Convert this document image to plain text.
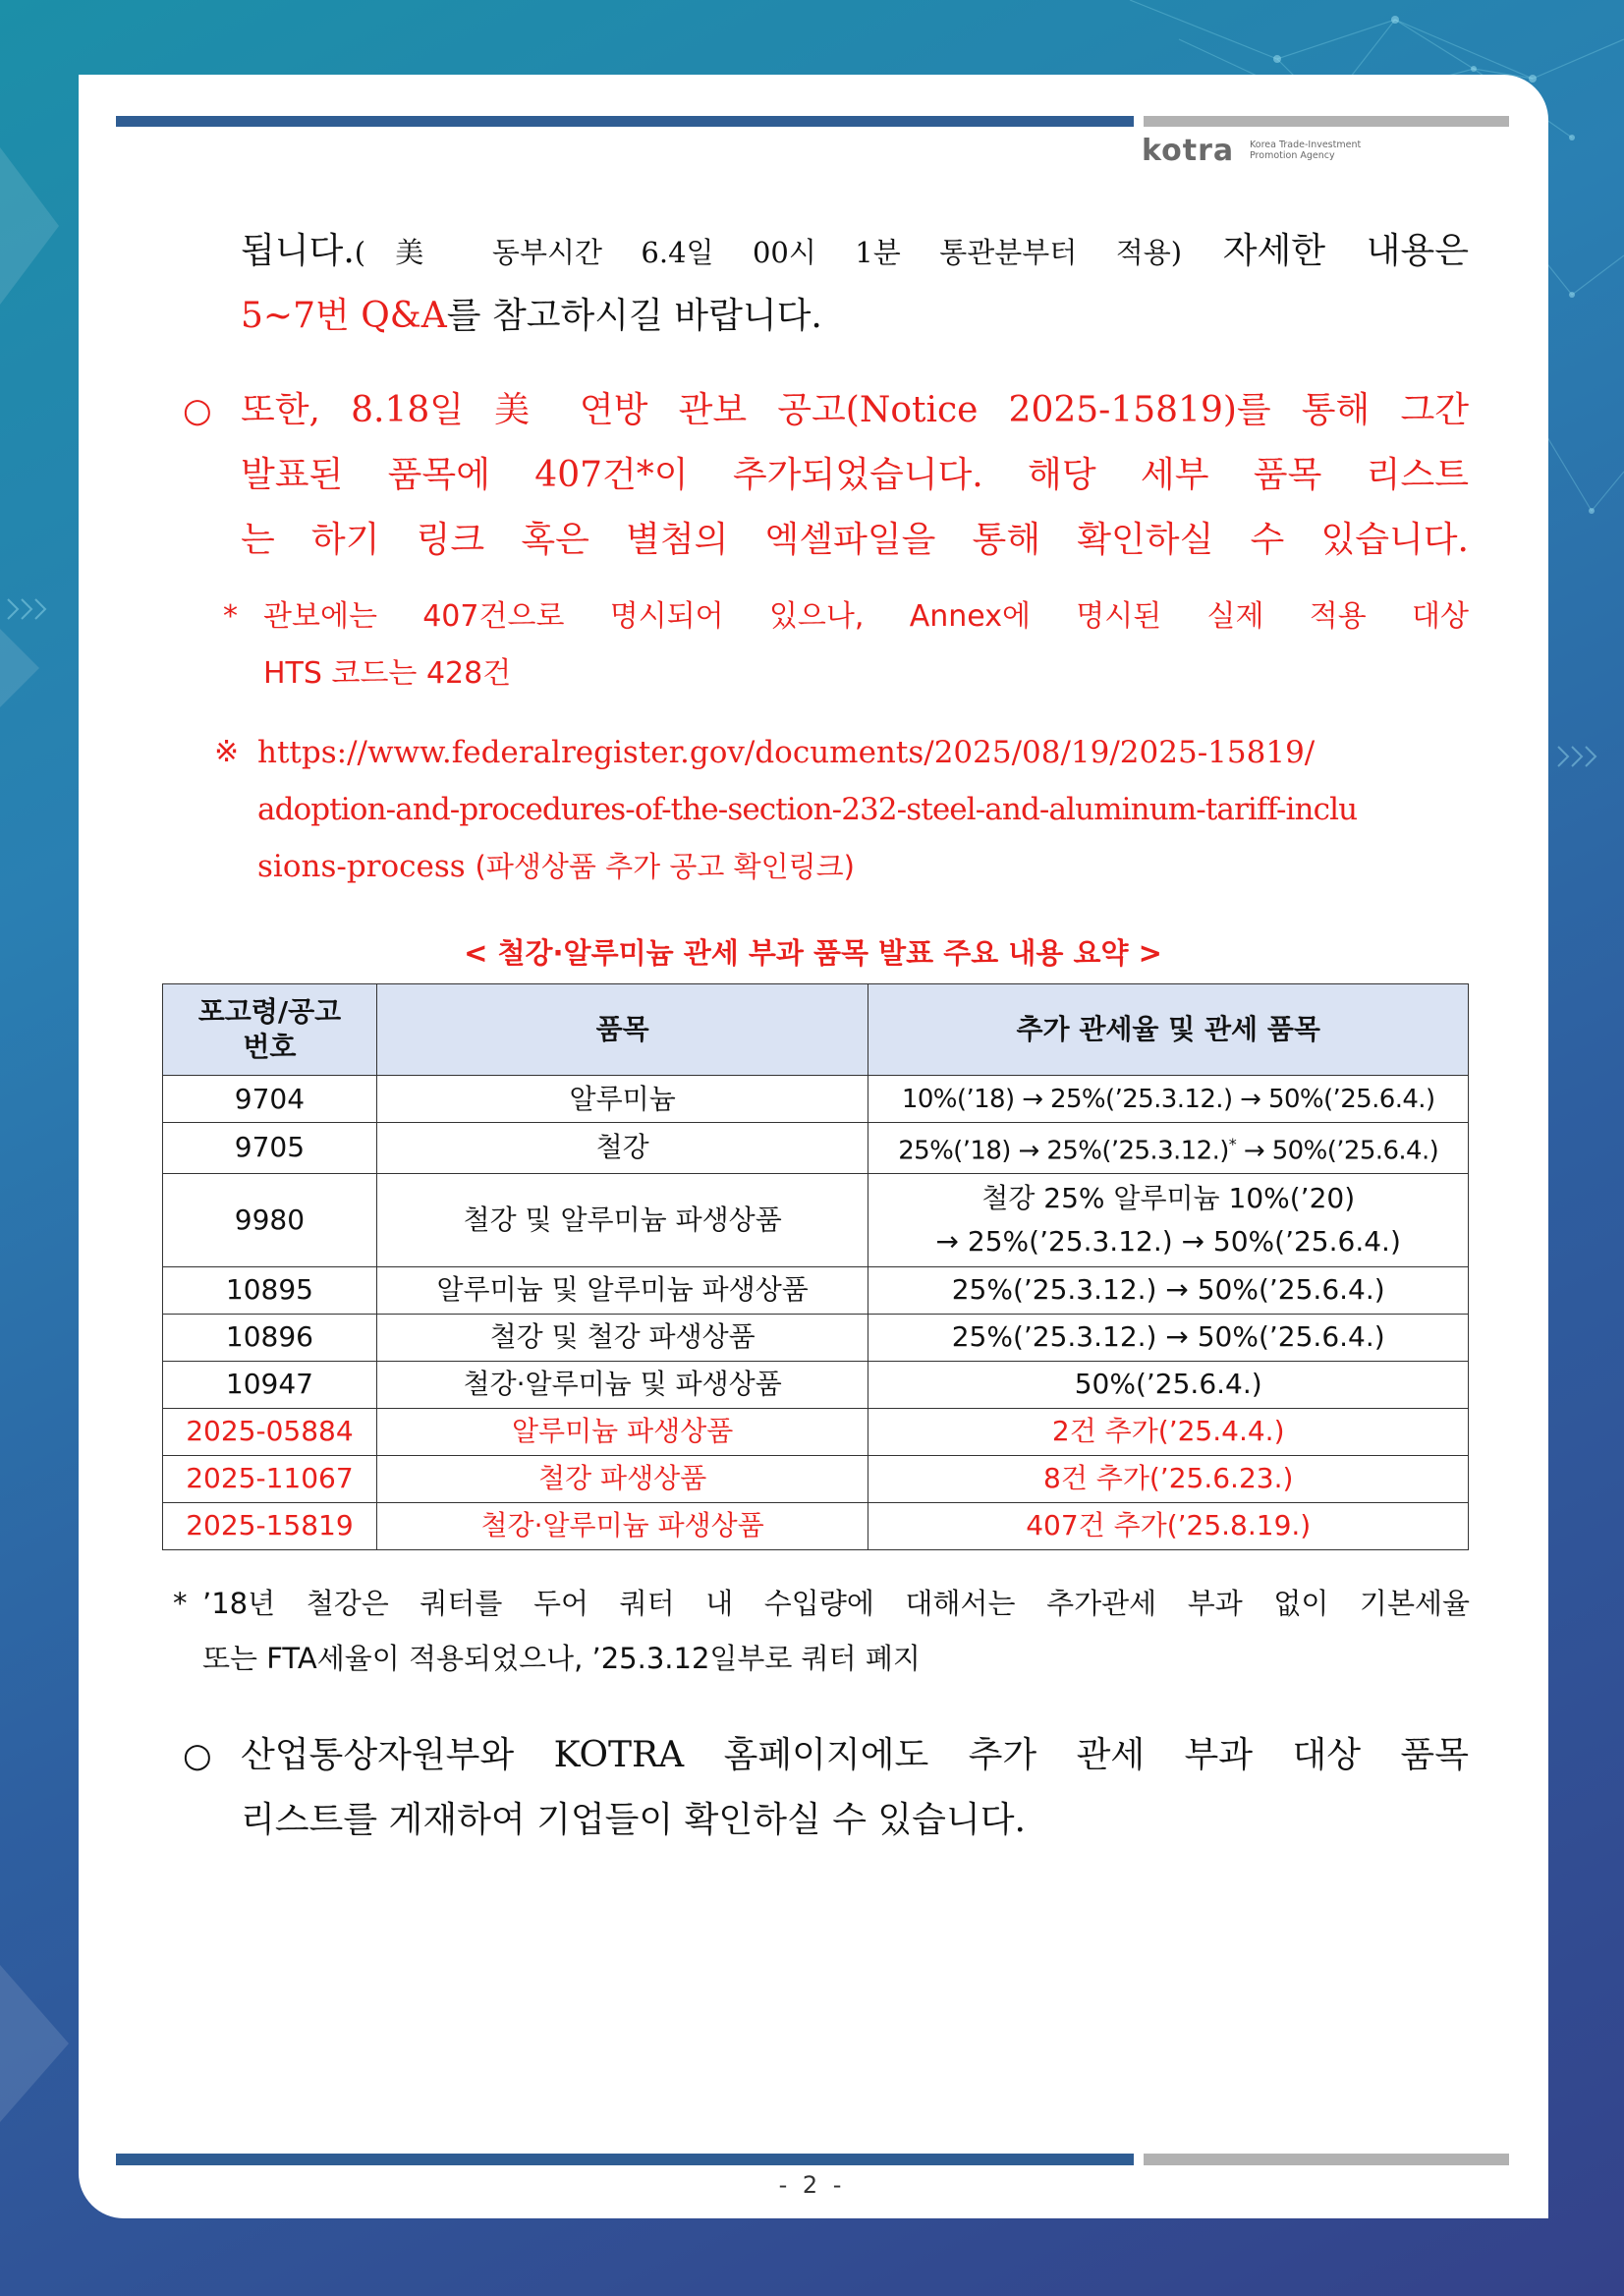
kotra Korea Trade-Investment
Promotion Agency
됩니다.(美 동부시간 6.4일 00시 1분 통관분부터 적용) 자세한 내용은
5~7번 Q&A를 참고하시길 바랍니다.
○ 또한, 8.18일 美 연방 관보 공고(Notice 2025-15819)를 통해 그간
발표된 품목에 407건*이 추가되었습니다. 해당 세부 품목 리스트
는 하기 링크 혹은 별첨의 엑셀파일을 통해 확인하실 수 있습니다.
* 관보에는 407건으로 명시되어 있으나, Annex에 명시된 실제 적용 대상
HTS 코드는 428건
※ https://www.federalregister.gov/documents/2025/08/19/2025-15819/
adoption-and-procedures-of-the-section-232-steel-and-aluminum-tariff-inclu
sions-process (파생상품 추가 공고 확인링크)
< 철강·알루미늄 관세 부과 품목 발표 주요 내용 요약 >
포고령/공고
번호	품목	추가 관세율 및 관세 품목
9704	알루미늄	10%(’18) → 25%(’25.3.12.) → 50%(’25.6.4.)
9705	철강	25%(’18) → 25%(’25.3.12.)* → 50%(’25.6.4.)
9980	철강 및 알루미늄 파생상품	철강 25% 알루미늄 10%(’20)
→ 25%(’25.3.12.) → 50%(’25.6.4.)

10895	알루미늄 및 알루미늄 파생상품	25%(’25.3.12.) → 50%(’25.6.4.)
10896	철강 및 철강 파생상품	25%(’25.3.12.) → 50%(’25.6.4.)
10947	철강·알루미늄 및 파생상품	50%(’25.6.4.)
2025-05884	알루미늄 파생상품	2건 추가(’25.4.4.)
2025-11067	철강 파생상품	8건 추가(’25.6.23.)
2025-15819	철강·알루미늄 파생상품	407건 추가(’25.8.19.)
* ’18년 철강은 쿼터를 두어 쿼터 내 수입량에 대해서는 추가관세 부과 없이 기본세율
또는 FTA세율이 적용되었으나, ’25.3.12일부로 쿼터 폐지
○ 산업통상자원부와 KOTRA 홈페이지에도 추가 관세 부과 대상 품목
리스트를 게재하여 기업들이 확인하실 수 있습니다.
- 2 -
